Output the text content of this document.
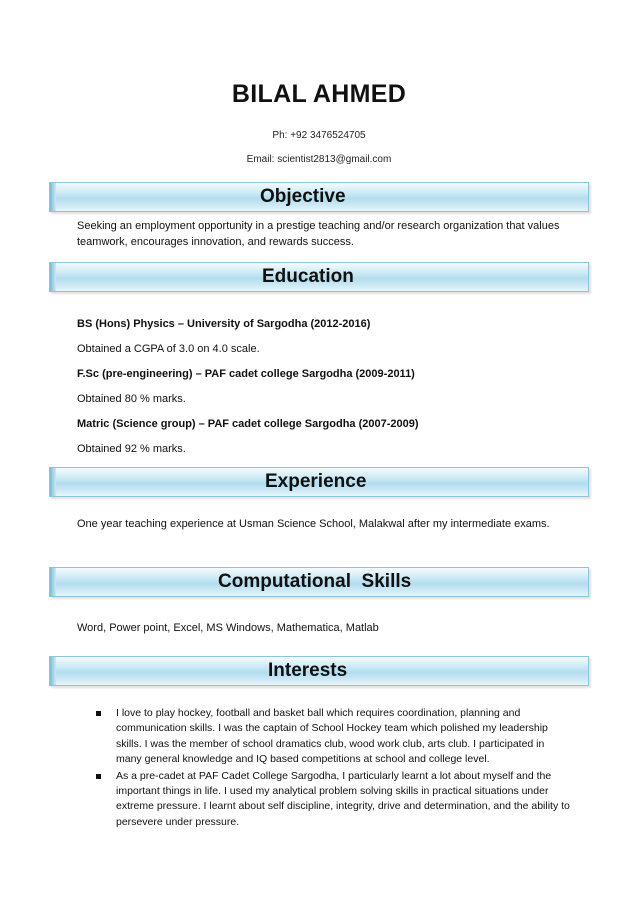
BILAL AHMED
Ph: +92 3476524705
Email: scientist2813@gmail.com
Objective
Seeking an employment opportunity in a prestige teaching and/or research organization that values teamwork, encourages innovation, and rewards success.
Education
BS (Hons) Physics – University of Sargodha (2012-2016)
Obtained a CGPA of 3.0 on 4.0 scale.
F.Sc (pre-engineering) – PAF cadet college Sargodha (2009-2011)
Obtained 80 % marks.
Matric (Science group) – PAF cadet college Sargodha (2007-2009)
Obtained 92 % marks.
Experience
One year teaching experience at Usman Science School, Malakwal after my intermediate exams.
Computational  Skills
Word, Power point, Excel, MS Windows, Mathematica, Matlab
Interests
I love to play hockey, football and basket ball which requires coordination, planning and communication skills. I was the captain of School Hockey team which polished my leadership skills. I was the member of school dramatics club, wood work club, arts club. I participated in many general knowledge and IQ based competitions at school and college level.
As a pre-cadet at PAF Cadet College Sargodha, I particularly learnt a lot about myself and the important things in life. I used my analytical problem solving skills in practical situations under extreme pressure. I learnt about self discipline, integrity, drive and determination, and the ability to persevere under pressure.
